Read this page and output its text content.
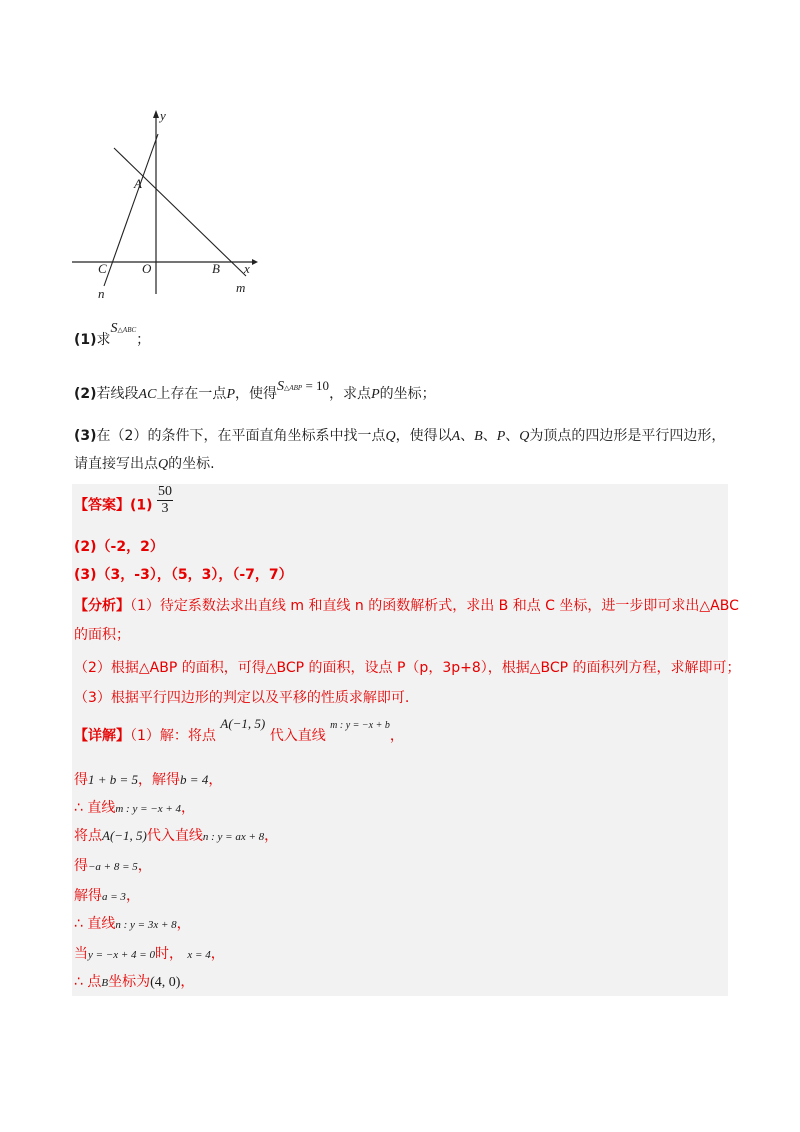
y
A
C	O	B x
n	m
(1)求S△ABC；
(2)若线段AC上存在一点P，使得S△ABP = 10，求点P的坐标；
(3)在（2）的条件下，在平面直角坐标系中找一点Q，使得以A、B、P、Q为顶点的四边形是平行四边形，
请直接写出点Q的坐标.
【答案】$(1) \frac{50}{3}$
(2)（-2，2）
(3)（3，-3），（5，3），（-7，7）
【分析】（1）待定系数法求出直线 m 和直线 n 的函数解析式，求出 B 和点 C 坐标，进一步即可求出△ABC
的面积；
（2）根据△ABP 的面积，可得△BCP 的面积，设点 P（p，3p+8），根据△BCP 的面积列方程，求解即可；
（3）根据平行四边形的判定以及平移的性质求解即可.
【详解】（1）解：将点 A(−1, 5) 代入直线 $^{m : y = -x + b}$，
得1 + b = 5，解得b = 4，
∴ 直线m : y = −x + 4，
将点A(−1, 5)代入直线n : y = ax + 8，
得−a + 8 = 5，
解得a = 3，
∴ 直线n : y = 3x + 8，
当y = −x + 4 = 0时， x = 4，
∴ 点B坐标为(4, 0)，
